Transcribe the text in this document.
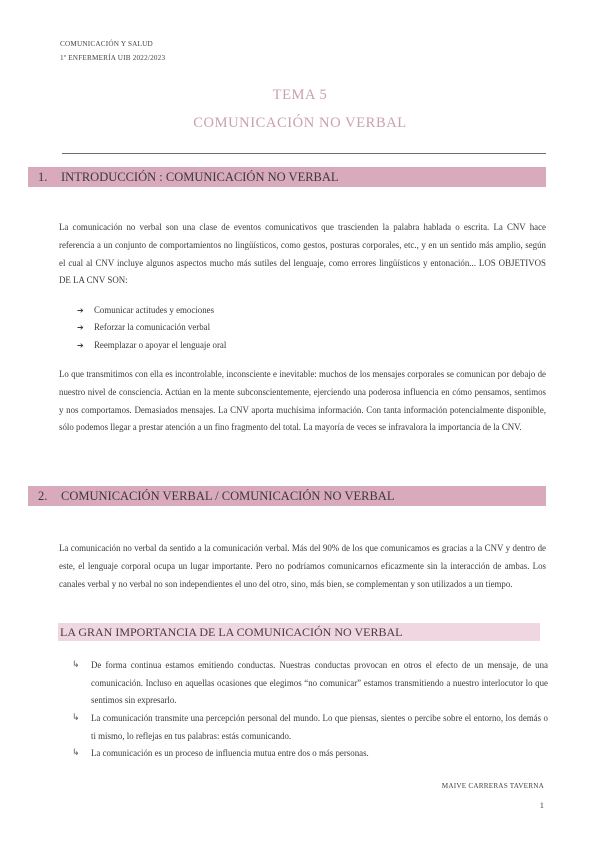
COMUNICACIÓN Y SALUD
1º ENFERMERÍA UIB 2022/2023
TEMA 5
COMUNICACIÓN NO VERBAL
1. INTRODUCCIÓN : COMUNICACIÓN NO VERBAL

La comunicación no verbal son una clase de eventos comunicativos que trascienden la palabra hablada o escrita. La CNV hace referencia a un conjunto de comportamientos no lingüísticos, como gestos, posturas corporales, etc., y en un sentido más amplio, según el cual al CNV incluye algunos aspectos mucho más sutiles del lenguaje, como errores lingüísticos y entonación... LOS OBJETIVOS DE LA CNV SON:

➔ Comunicar actitudes y emociones
➔ Reforzar la comunicación verbal
➔ Reemplazar o apoyar el lenguaje oral

Lo que transmitimos con ella es incontrolable, inconsciente e inevitable: muchos de los mensajes corporales se comunican por debajo de nuestro nivel de consciencia. Actúan en la mente subconscientemente, ejerciendo una poderosa influencia en cómo pensamos, sentimos y nos comportamos. Demasiados mensajes. La CNV aporta muchísima información. Con tanta información potencialmente disponible, sólo podemos llegar a prestar atención a un fino fragmento del total. La mayoría de veces se infravalora la importancia de la CNV.

2. COMUNICACIÓN VERBAL / COMUNICACIÓN NO VERBAL

La comunicación no verbal da sentido a la comunicación verbal. Más del 90% de los que comunicamos es gracias a la CNV y dentro de este, el lenguaje corporal ocupa un lugar importante. Pero no podríamos comunicarnos eficazmente sin la interacción de ambas. Los canales verbal y no verbal no son independientes el uno del otro, sino, más bien, se complementan y son utilizados a un tiempo.

LA GRAN IMPORTANCIA DE LA COMUNICACIÓN NO VERBAL
↳ De forma continua estamos emitiendo conductas. Nuestras conductas provocan en otros el efecto de un mensaje, de una comunicación. Incluso en aquellas ocasiones que elegimos “no comunicar” estamos transmitiendo a nuestro interlocutor lo que sentimos sin expresarlo.

↳ La comunicación transmite una percepción personal del mundo. Lo que piensas, sientes o percibe sobre el entorno, los demás o ti mismo, lo reflejas en tus palabras: estás comunicando.

↳ La comunicación es un proceso de influencia mutua entre dos o más personas.

MAIVE CARRERAS TAVERNA
1
